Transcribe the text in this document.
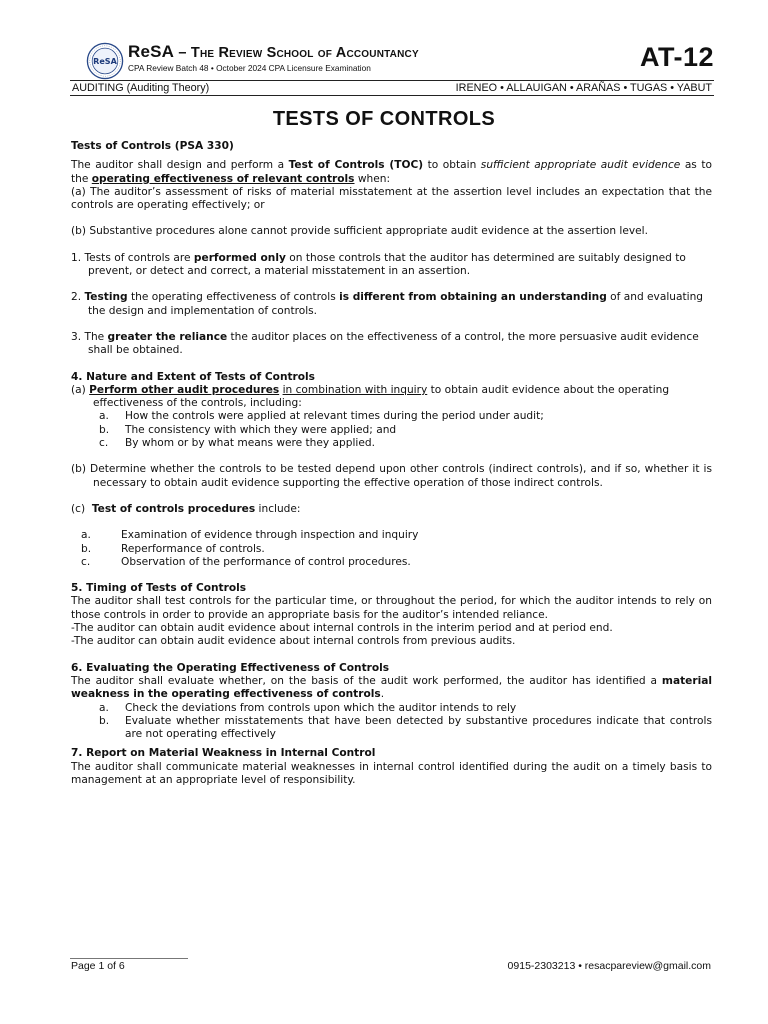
ReSA
ReSA – The Review School of Accountancy
CPA Review Batch 48 • October 2024 CPA Licensure Examination	AT-12
AUDITING (Auditing Theory)	IRENEO • ALLAUIGAN • ARAÑAS • TUGAS • YABUT
TESTS OF CONTROLS

Tests of Controls (PSA 330)

The auditor shall design and perform a Test of Controls (TOC) to obtain sufficient appropriate audit evidence as to the operating effectiveness of relevant controls when:

(a) The auditor’s assessment of risks of material misstatement at the assertion level includes an expectation that the controls are operating effectively; or

(b) Substantive procedures alone cannot provide sufficient appropriate audit evidence at the assertion level.

1. Tests of controls are performed only on those controls that the auditor has determined are suitably designed to prevent, or detect and correct, a material misstatement in an assertion.

2. Testing the operating effectiveness of controls is different from obtaining an understanding of and evaluating the design and implementation of controls.

3. The greater the reliance the auditor places on the effectiveness of a control, the more persuasive audit evidence shall be obtained.

4. Nature and Extent of Tests of Controls

(a) Perform other audit procedures in combination with inquiry to obtain audit evidence about the operating effectiveness of the controls, including:

a.	How the controls were applied at relevant times during the period under audit;
b.	The consistency with which they were applied; and
c.	By whom or by what means were they applied.

(b) Determine whether the controls to be tested depend upon other controls (indirect controls), and if so, whether it is necessary to obtain audit evidence supporting the effective operation of those indirect controls.

(c) Test of controls procedures include:

a.	Examination of evidence through inspection and inquiry
b.	Reperformance of controls.
c.	Observation of the performance of control procedures.

5. Timing of Tests of Controls

The auditor shall test controls for the particular time, or throughout the period, for which the auditor intends to rely on those controls in order to provide an appropriate basis for the auditor’s intended reliance.

-The auditor can obtain audit evidence about internal controls in the interim period and at period end.

-The auditor can obtain audit evidence about internal controls from previous audits.

6. Evaluating the Operating Effectiveness of Controls

The auditor shall evaluate whether, on the basis of the audit work performed, the auditor has identified a material weakness in the operating effectiveness of controls.

a.	Check the deviations from controls upon which the auditor intends to rely
b.	Evaluate whether misstatements that have been detected by substantive procedures indicate that controls are not operating effectively

7. Report on Material Weakness in Internal Control

The auditor shall communicate material weaknesses in internal control identified during the audit on a timely basis to management at an appropriate level of responsibility.

Page 1 of 6	0915-2303213 • resacpareview@gmail.com
